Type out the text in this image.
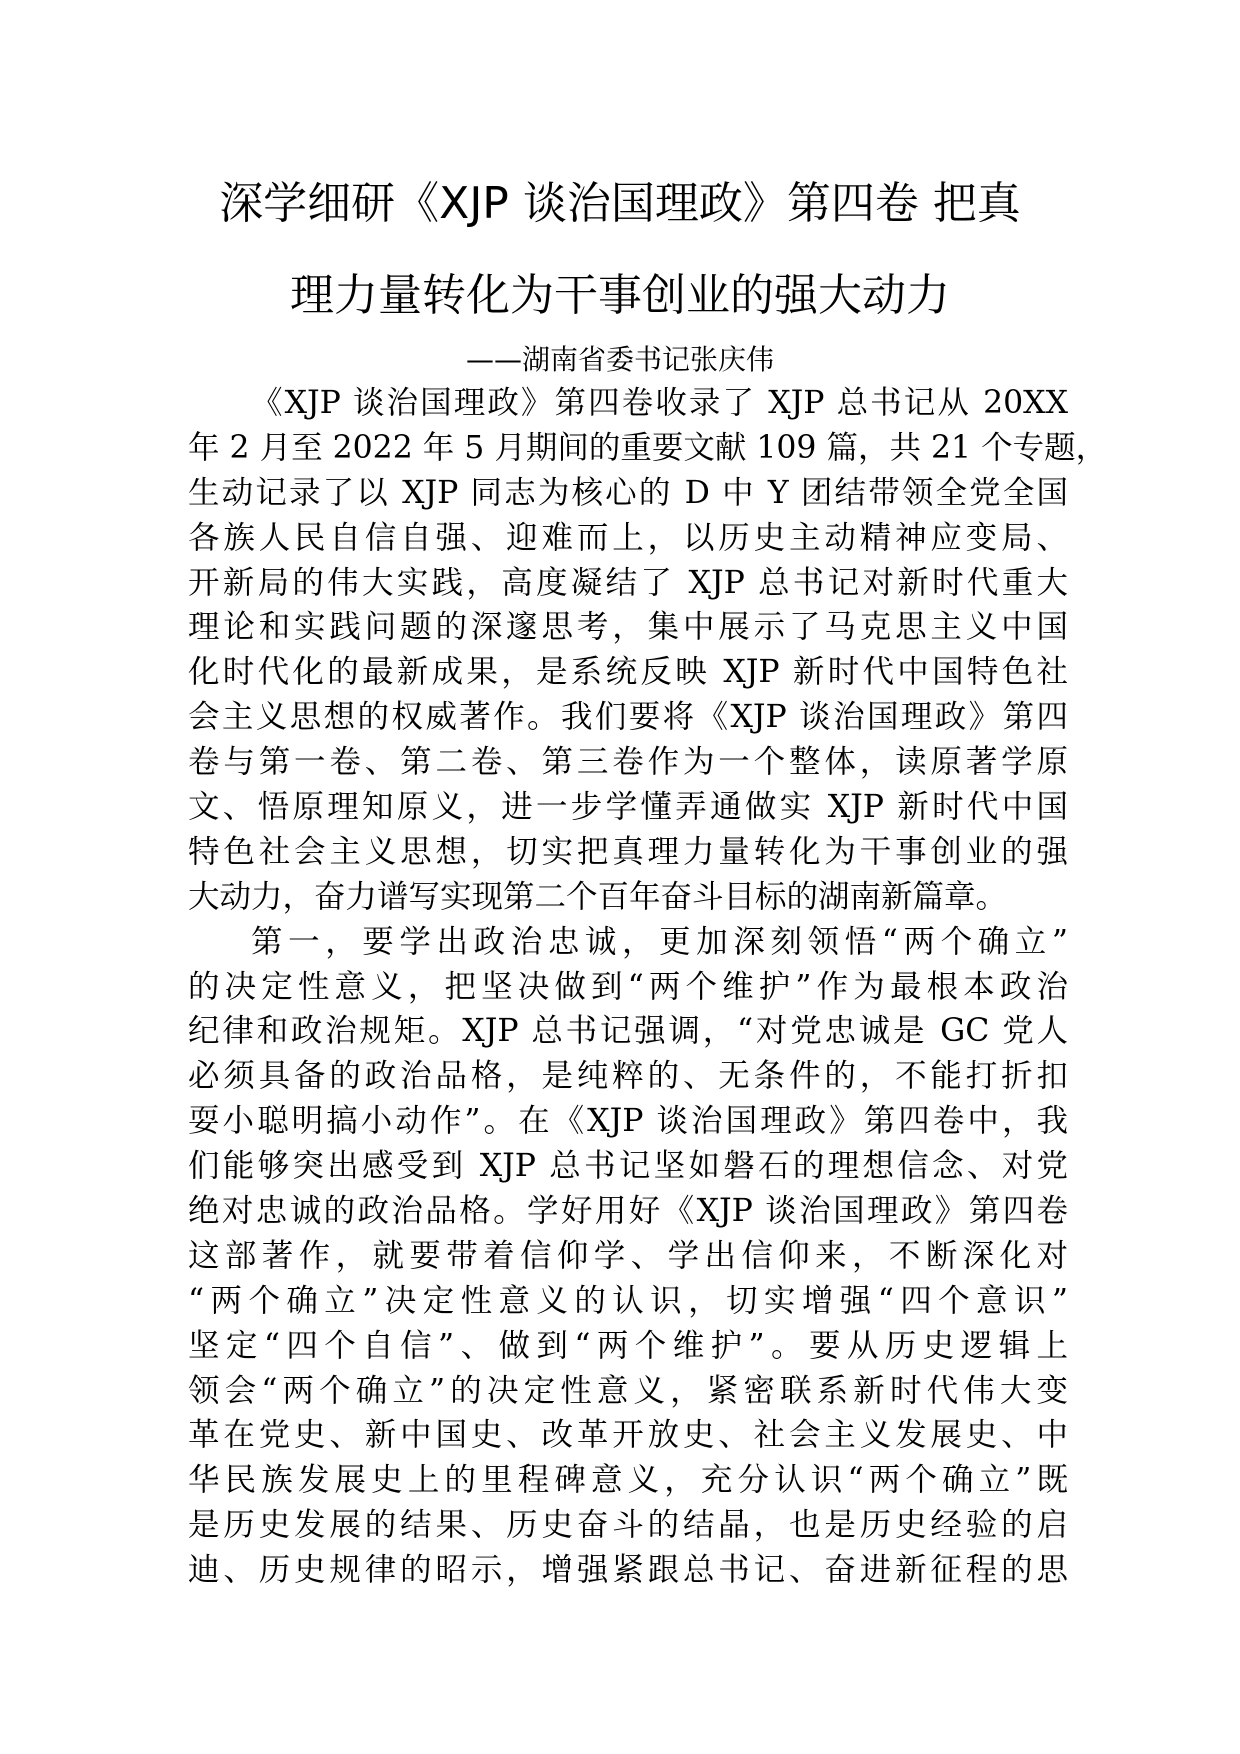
深学细研《XJP 谈治国理政》第四卷 把真
理力量转化为干事创业的强大动力
——湖南省委书记张庆伟
《XJP 谈治国理政》第四卷收录了 XJP 总书记从 20XX
年 2 月至 2022 年 5 月期间的重要文献 109 篇，共 21 个专题，
生动记录了以 XJP 同志为核心的 D 中 Y 团结带领全党全国
各族人民自信自强、迎难而上，以历史主动精神应变局、
开新局的伟大实践，高度凝结了 XJP 总书记对新时代重大
理论和实践问题的深邃思考，集中展示了马克思主义中国
化时代化的最新成果，是系统反映 XJP 新时代中国特色社
会主义思想的权威著作。我们要将《XJP 谈治国理政》第四
卷与第一卷、第二卷、第三卷作为一个整体，读原著学原
文、悟原理知原义，进一步学懂弄通做实 XJP 新时代中国
特色社会主义思想，切实把真理力量转化为干事创业的强
大动力，奋力谱写实现第二个百年奋斗目标的湖南新篇章。
第一，要学出政治忠诚，更加深刻领悟“两个确立”
的决定性意义，把坚决做到“两个维护”作为最根本政治
纪律和政治规矩。XJP 总书记强调，“对党忠诚是 GC 党人
必须具备的政治品格，是纯粹的、无条件的，不能打折扣
耍小聪明搞小动作”。在《XJP 谈治国理政》第四卷中，我
们能够突出感受到 XJP 总书记坚如磐石的理想信念、对党
绝对忠诚的政治品格。学好用好《XJP 谈治国理政》第四卷
这部著作，就要带着信仰学、学出信仰来，不断深化对
“两个确立”决定性意义的认识，切实增强“四个意识”
坚定“四个自信”、做到“两个维护”。要从历史逻辑上
领会“两个确立”的决定性意义，紧密联系新时代伟大变
革在党史、新中国史、改革开放史、社会主义发展史、中
华民族发展史上的里程碑意义，充分认识“两个确立”既
是历史发展的结果、历史奋斗的结晶，也是历史经验的启
迪、历史规律的昭示，增强紧跟总书记、奋进新征程的思
